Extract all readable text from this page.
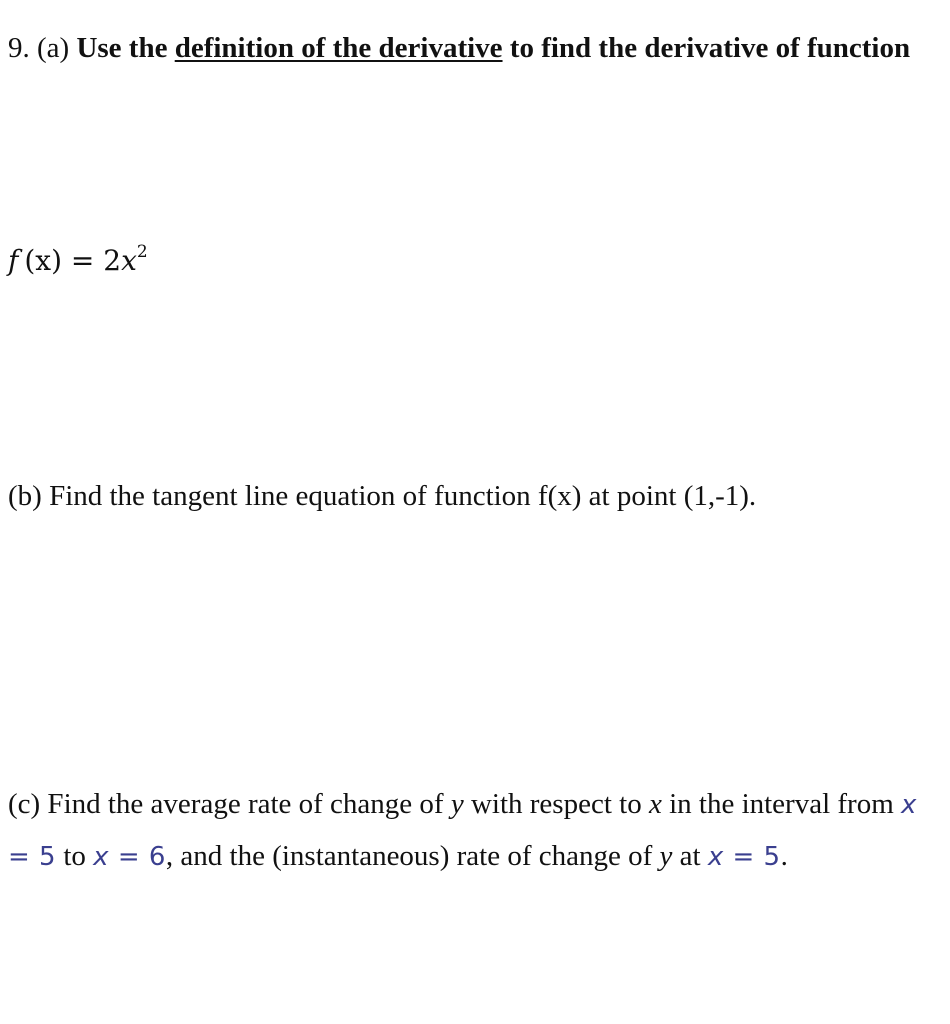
9. (a) Use the definition of the derivative to find the derivative of function
f $(x) = 2x^2$
(b) Find the tangent line equation of function f(x) at point (1,-1).
(c) Find the average rate of change of y with respect to x in the interval from x = 5 to x = 6, and the (instantaneous) rate of change of y at x = 5.
